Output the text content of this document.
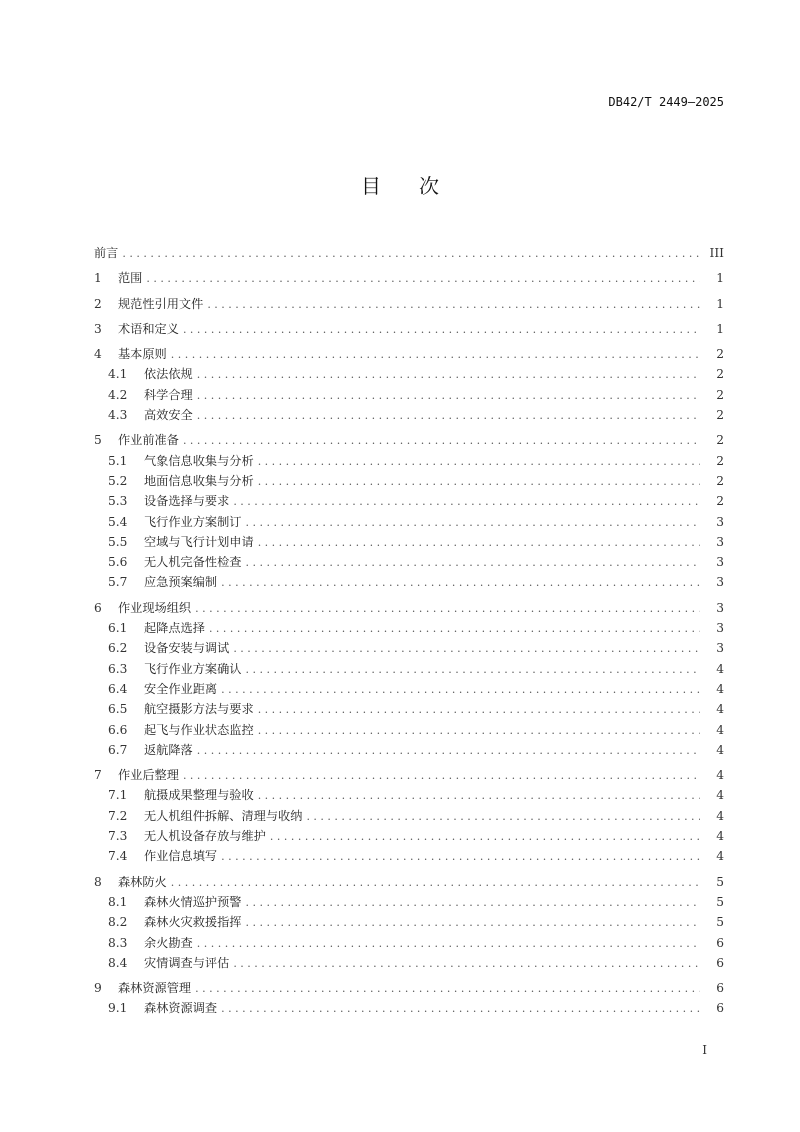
DB42/T 2449—2025
目次
前言 . . .	III
1	范围 . . .	1
2	规范性引用文件 . . .	1
3	术语和定义 . . .	1
4	基本原则 . . .	2
4.1	依法依规 . . .	2
4.2	科学合理 . . .	2
4.3	高效安全 . . .	2
5	作业前准备 . . .	2
5.1	气象信息收集与分析 . . .	2
5.2	地面信息收集与分析 . . .	2
5.3	设备选择与要求 . . .	2
5.4	飞行作业方案制订 . . .	3
5.5	空域与飞行计划申请 . . .	3
5.6	无人机完备性检查 . . .	3
5.7	应急预案编制 . . .	3
6	作业现场组织 . . .	3
6.1	起降点选择 . . .	3
6.2	设备安装与调试 . . .	3
6.3	飞行作业方案确认 . . .	4
6.4	安全作业距离 . . .	4
6.5	航空摄影方法与要求 . . .	4
6.6	起飞与作业状态监控 . . .	4
6.7	返航降落 . . .	4
7	作业后整理 . . .	4
7.1	航摄成果整理与验收 . . .	4
7.2	无人机组件拆解、清理与收纳 . . .	4
7.3	无人机设备存放与维护 . . .	4
7.4	作业信息填写 . . .	4
8	森林防火 . . .	5
8.1	森林火情巡护预警 . . .	5
8.2	森林火灾救援指挥 . . .	5
8.3	余火勘查 . . .	6
8.4	灾情调查与评估 . . .	6
9	森林资源管理 . . .	6
9.1	森林资源调查 . . .	6
I
